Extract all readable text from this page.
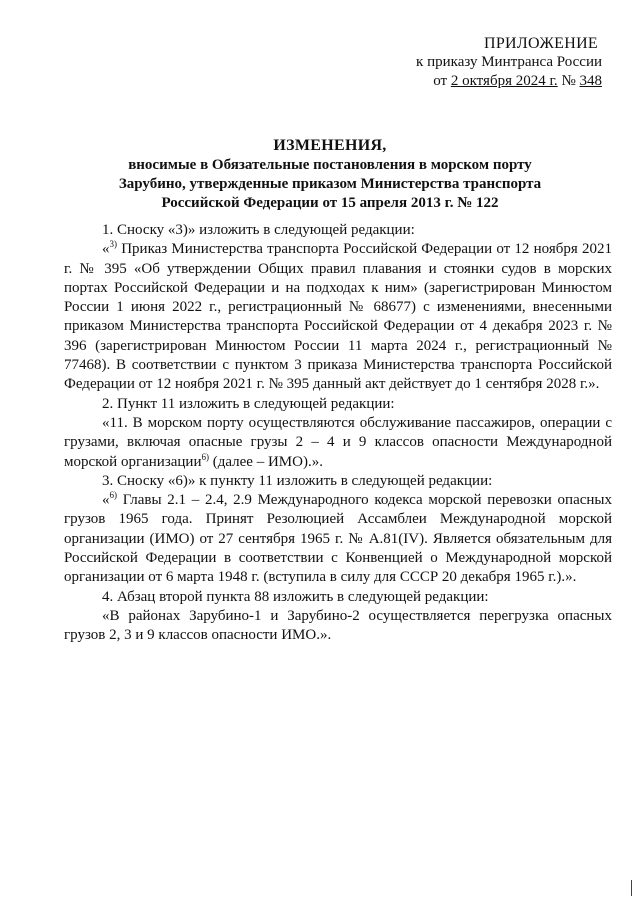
ПРИЛОЖЕНИЕ
к приказу Минтранса России
от 2 октября 2024 г. № 348
ИЗМЕНЕНИЯ,
вносимые в Обязательные постановления в морском порту
Зарубино, утвержденные приказом Министерства транспорта
Российской Федерации от 15 апреля 2013 г. № 122

1. Сноску «3)» изложить в следующей редакции:

«$^{3)}$ Приказ Министерства транспорта Российской Федерации от 12 ноября 2021 г. № 395 «Об утверждении Общих правил плавания и стоянки судов в морских портах Российской Федерации и на подходах к ним» (зарегистрирован Минюстом России 1 июня 2022 г., регистрационный № 68677) с изменениями, внесенными приказом Министерства транспорта Российской Федерации от 4 декабря 2023 г. № 396 (зарегистрирован Минюстом России 11 марта 2024 г., регистрационный № 77468). В соответствии с пунктом 3 приказа Министерства транспорта Российской Федерации от 12 ноября 2021 г. № 395 данный акт действует до 1 сентября 2028 г.».

2. Пункт 11 изложить в следующей редакции:

«11. В морском порту осуществляются обслуживание пассажиров, операции с грузами, включая опасные грузы 2 – 4 и 9 классов опасности Международной морской организации$^{6)}$ (далее – ИМО).».

3. Сноску «6)» к пункту 11 изложить в следующей редакции:

«$^{6)}$ Главы 2.1 – 2.4, 2.9 Международного кодекса морской перевозки опасных грузов 1965 года. Принят Резолюцией Ассамблеи Международной морской организации (ИМО) от 27 сентября 1965 г. № A.81(IV). Является обязательным для Российской Федерации в соответствии с Конвенцией о Международной морской организации от 6 марта 1948 г. (вступила в силу для СССР 20 декабря 1965 г.).».

4. Абзац второй пункта 88 изложить в следующей редакции:

«В районах Зарубино-1 и Зарубино-2 осуществляется перегрузка опасных грузов 2, 3 и 9 классов опасности ИМО.».
